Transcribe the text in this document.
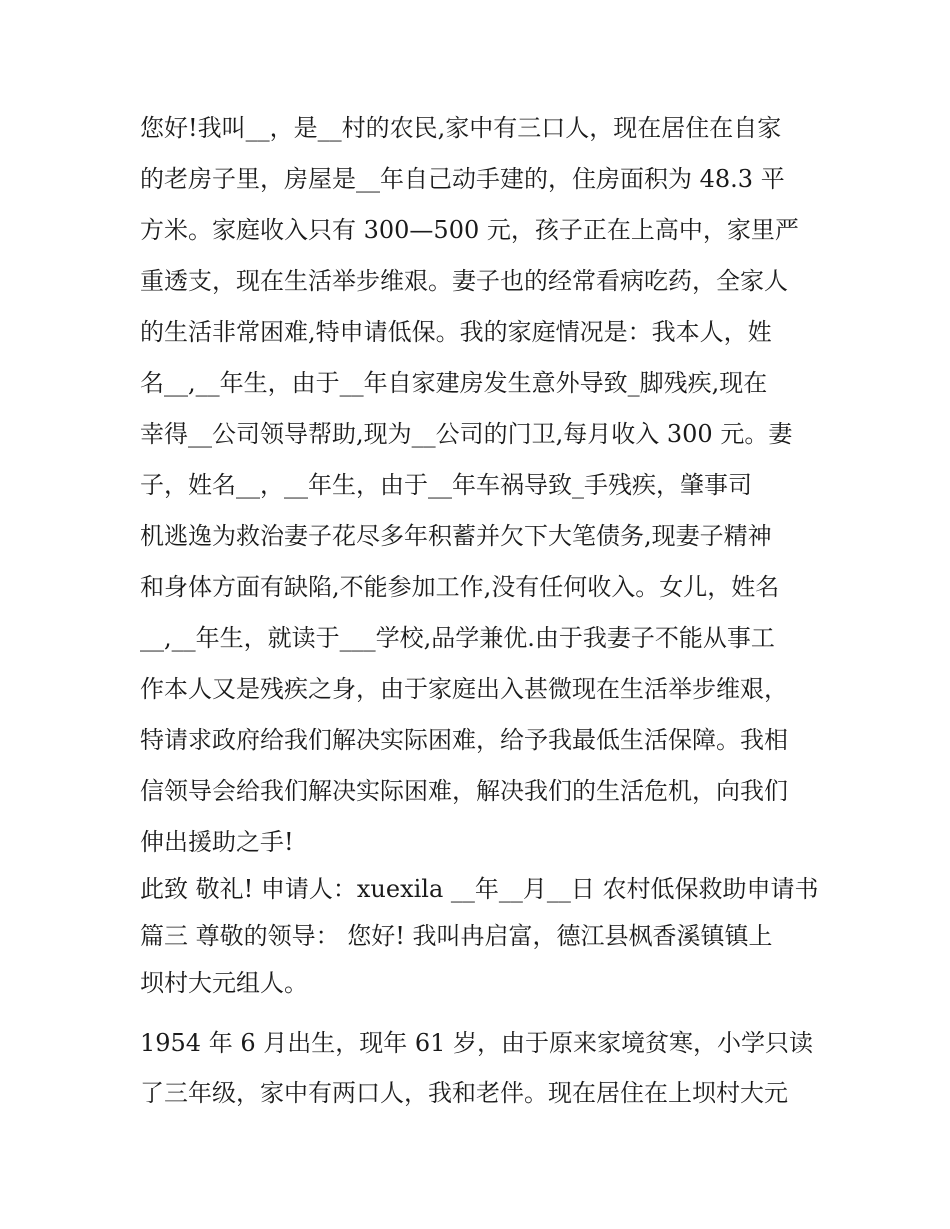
您好!我叫__，是__村的农民,家中有三口人，现在居住在自家
的老房子里，房屋是__年自己动手建的，住房面积为 48.3 平
方米。家庭收入只有 300—500 元，孩子正在上高中，家里严
重透支，现在生活举步维艰。妻子也的经常看病吃药，全家人
的生活非常困难,特申请低保。我的家庭情况是：我本人，姓
名__,__年生，由于__年自家建房发生意外导致_脚残疾,现在
幸得__公司领导帮助,现为__公司的门卫,每月收入 300 元。妻
子，姓名__，__年生，由于__年车祸导致_手残疾，肇事司
机逃逸为救治妻子花尽多年积蓄并欠下大笔债务,现妻子精神
和身体方面有缺陷,不能参加工作,没有任何收入。女儿，姓名
__,__年生，就读于___学校,品学兼优.由于我妻子不能从事工
作本人又是残疾之身，由于家庭出入甚微现在生活举步维艰，
特请求政府给我们解决实际困难，给予我最低生活保障。我相
信领导会给我们解决实际困难，解决我们的生活危机，向我们
伸出援助之手!
此致 敬礼! 申请人：xuexila __年__月__日 农村低保救助申请书
篇三 尊敬的领导： 您好! 我叫冉启富，德江县枫香溪镇镇上
坝村大元组人。
1954 年 6 月出生，现年 61 岁，由于原来家境贫寒，小学只读
了三年级，家中有两口人，我和老伴。现在居住在上坝村大元
